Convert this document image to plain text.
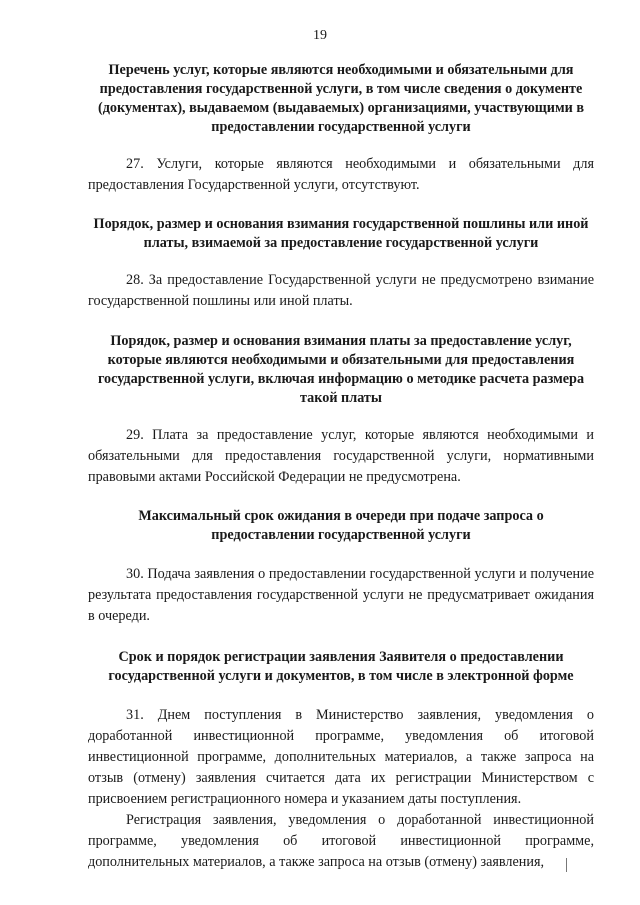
19

Перечень услуг, которые являются необходимыми и обязательными для предоставления государственной услуги, в том числе сведения о документе (документах), выдаваемом (выдаваемых) организациями, участвующими в предоставлении государственной услуги

27. Услуги, которые являются необходимыми и обязательными для предоставления Государственной услуги, отсутствуют.

Порядок, размер и основания взимания государственной пошлины или иной платы, взимаемой за предоставление государственной услуги

28. За предоставление Государственной услуги не предусмотрено взимание государственной пошлины или иной платы.

Порядок, размер и основания взимания платы за предоставление услуг, которые являются необходимыми и обязательными для предоставления государственной услуги, включая информацию о методике расчета размера такой платы

29. Плата за предоставление услуг, которые являются необходимыми и обязательными для предоставления государственной услуги, нормативными правовыми актами Российской Федерации не предусмотрена.

Максимальный срок ожидания в очереди при подаче запроса о предоставлении государственной услуги

30. Подача заявления о предоставлении государственной услуги и получение результата предоставления государственной услуги не предусматривает ожидания в очереди.

Срок и порядок регистрации заявления Заявителя о предоставлении государственной услуги и документов, в том числе в электронной форме

31. Днем поступления в Министерство заявления, уведомления о доработанной инвестиционной программе, уведомления об итоговой инвестиционной программе, дополнительных материалов, а также запроса на отзыв (отмену) заявления считается дата их регистрации Министерством с присвоением регистрационного номера и указанием даты поступления.

Регистрация заявления, уведомления о доработанной инвестиционной программе, уведомления об итоговой инвестиционной программе, дополнительных материалов, а также запроса на отзыв (отмену) заявления,
